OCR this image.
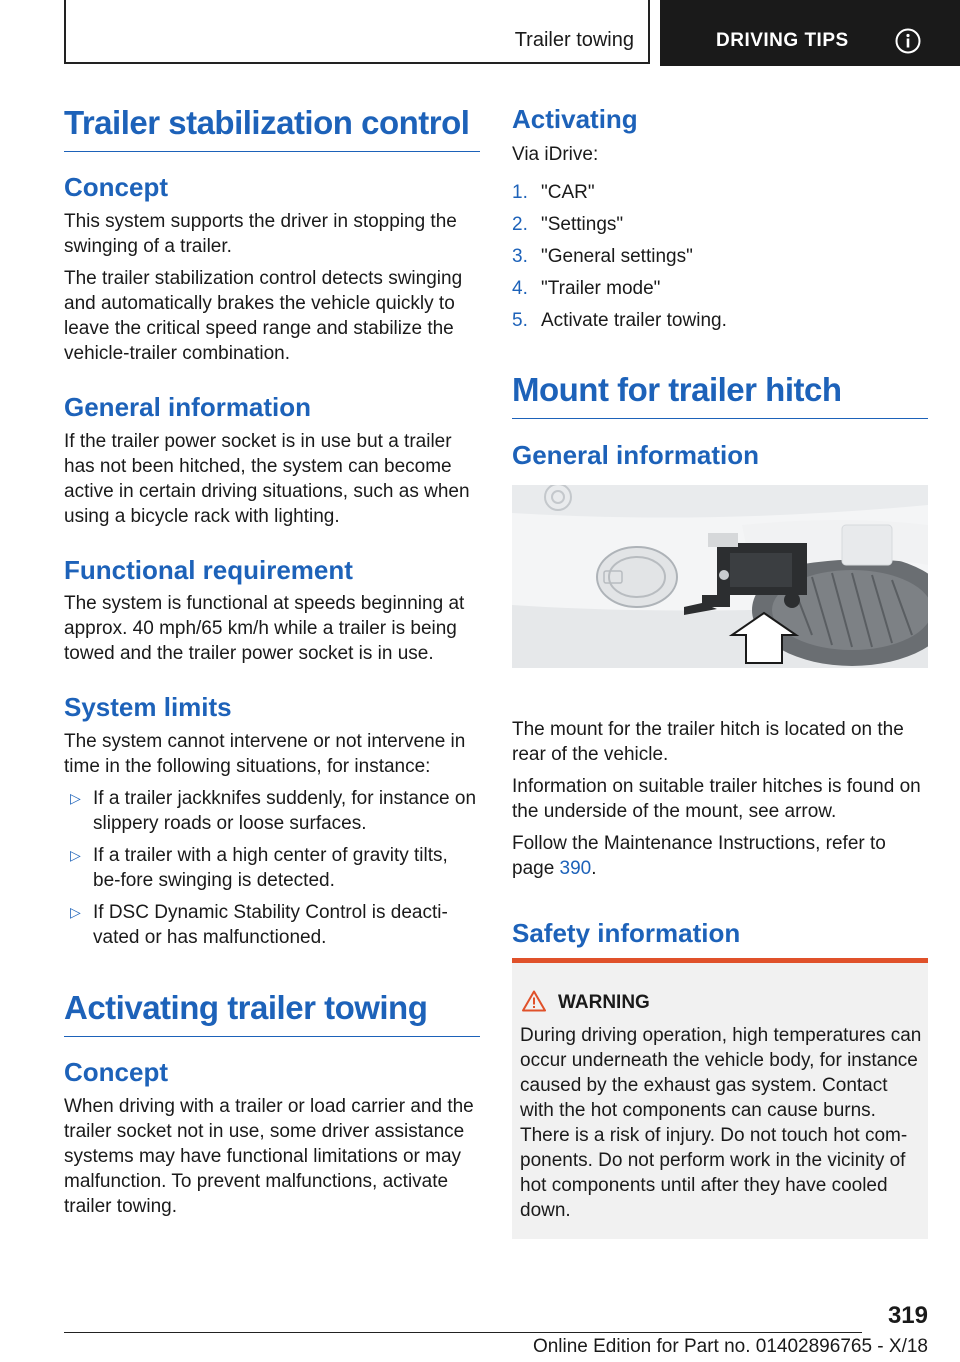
Trailer towing	DRIVING TIPS
Trailer stabilization control
Concept
This system supports the driver in stopping the swinging of a trailer.
The trailer stabilization control detects swinging and automatically brakes the vehicle quickly to leave the critical speed range and stabilize the vehicle-trailer combination.
General information
If the trailer power socket is in use but a trailer has not been hitched, the system can become active in certain driving situations, such as when using a bicycle rack with lighting.
Functional requirement
The system is functional at speeds beginning at approx. 40 mph/65 km/h while a trailer is being towed and the trailer power socket is in use.
System limits
The system cannot intervene or not intervene in time in the following situations, for instance:
▷ If a trailer jackknifes suddenly, for instance on slippery roads or loose surfaces.
▷ If a trailer with a high center of gravity tilts, be-fore swinging is detected.
▷ If DSC Dynamic Stability Control is deacti-vated or has malfunctioned.
Activating trailer towing
Concept
When driving with a trailer or load carrier and the trailer socket not in use, some driver assistance systems may have functional limitations or may malfunction. To prevent malfunctions, activate trailer towing.
Activating
Via iDrive:
1. "CAR"
2. "Settings"
3. "General settings"
4. "Trailer mode"
5. Activate trailer towing.
Mount for trailer hitch
General information
The mount for the trailer hitch is located on the rear of the vehicle.
Information on suitable trailer hitches is found on the underside of the mount, see arrow.
Follow the Maintenance Instructions, refer to page 390.
Safety information
WARNING
During driving operation, high temperatures can occur underneath the vehicle body, for instance caused by the exhaust gas system. Contact with the hot components can cause burns. There is a risk of injury. Do not touch hot com-ponents. Do not perform work in the vicinity of hot components until after they have cooled down.
319
Online Edition for Part no. 01402896765 - X/18
